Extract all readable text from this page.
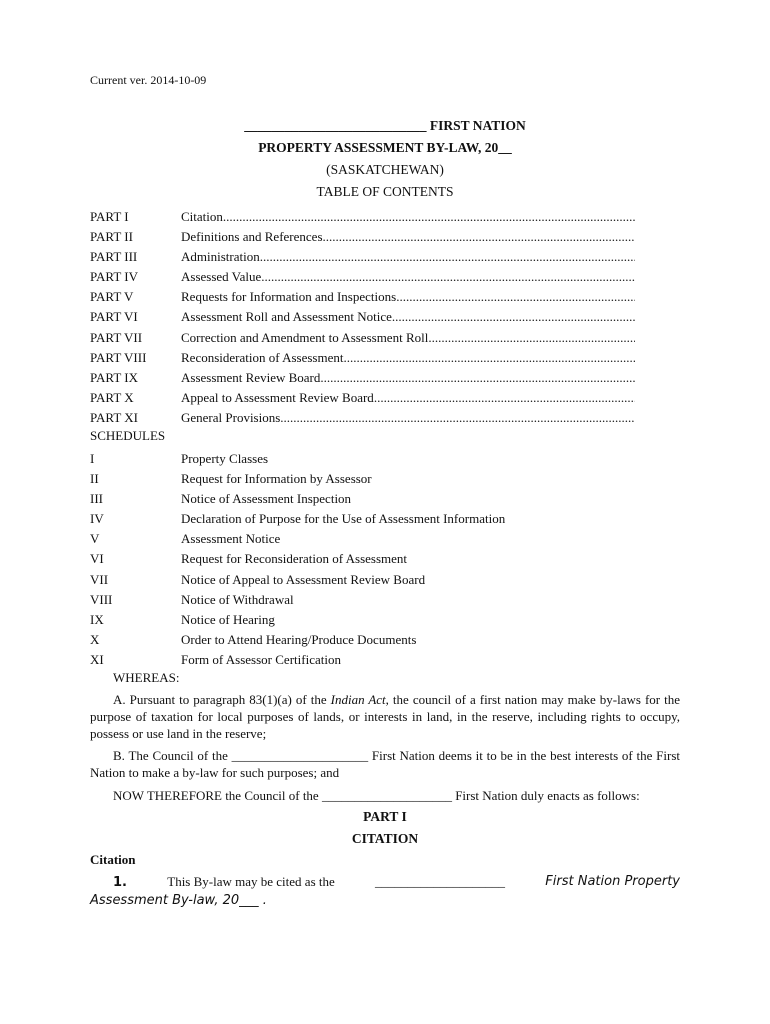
Current ver. 2014-10-09
___________________________ FIRST NATION
PROPERTY ASSESSMENT BY-LAW, 20__
(SASKATCHEWAN)
TABLE OF CONTENTS
PART I	Citation
.....
PART II	Definitions and References
.....
PART III	Administration
.....
PART IV	Assessed Value
.....
PART V	Requests for Information and Inspections
.....
PART VI	Assessment Roll and Assessment Notice
.....
PART VII	Correction and Amendment to Assessment Roll
.....
PART VIII	Reconsideration of Assessment
.....
PART IX	Assessment Review Board
.....
PART X	Appeal to Assessment Review Board
.....
PART XI	General Provisions
.....
SCHEDULES
I	Property Classes
II	Request for Information by Assessor
III	Notice of Assessment Inspection
IV	Declaration of Purpose for the Use of Assessment Information
V	Assessment Notice
VI	Request for Reconsideration of Assessment
VII	Notice of Appeal to Assessment Review Board
VIII	Notice of Withdrawal
IX	Notice of Hearing
X	Order to Attend Hearing/Produce Documents
XI	Form of Assessor Certification
WHEREAS:
A. Pursuant to paragraph 83(1)(a) of the Indian Act, the council of a first nation may make by-laws for the purpose of taxation for local purposes of lands, or interests in land, in the reserve, including rights to occupy, possess or use land in the reserve;
B. The Council of the _____________________ First Nation deems it to be in the best interests of the First Nation to make a by-law for such purposes; and
NOW THEREFORE the Council of the ____________________ First Nation duly enacts as follows:
PART I
CITATION
Citation
1.	This By-law may be cited as the	____________________	First Nation Property
Assessment By-law, 20___ .
